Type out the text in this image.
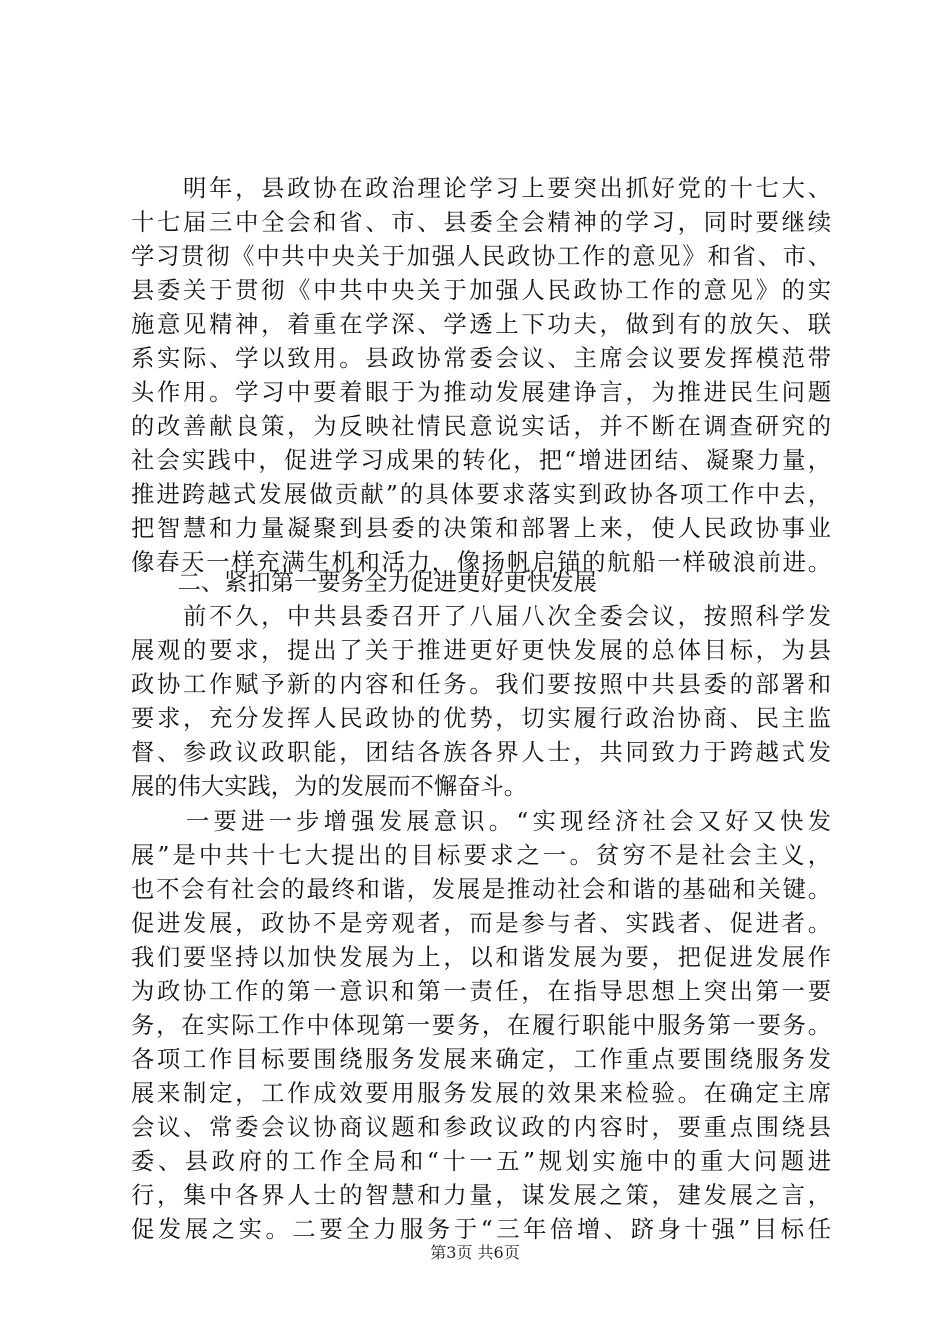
　　明年，县政协在政治理论学习上要突出抓好党的十七大、
十七届三中全会和省、市、县委全会精神的学习，同时要继续
学习贯彻《中共中央关于加强人民政协工作的意见》和省、市、
县委关于贯彻《中共中央关于加强人民政协工作的意见》的实
施意见精神，着重在学深、学透上下功夫，做到有的放矢、联
系实际、学以致用。县政协常委会议、主席会议要发挥模范带
头作用。学习中要着眼于为推动发展建诤言，为推进民生问题
的改善献良策，为反映社情民意说实话，并不断在调查研究的
社会实践中，促进学习成果的转化，把“增进团结、凝聚力量，
推进跨越式发展做贡献”的具体要求落实到政协各项工作中去，
把智慧和力量凝聚到县委的决策和部署上来，使人民政协事业
像春天一样充满生机和活力，像扬帆启锚的航船一样破浪前进。
　　二、紧扣第一要务全力促进更好更快发展
　　前不久，中共县委召开了八届八次全委会议，按照科学发
展观的要求，提出了关于推进更好更快发展的总体目标，为县
政协工作赋予新的内容和任务。我们要按照中共县委的部署和
要求，充分发挥人民政协的优势，切实履行政治协商、民主监
督、参政议政职能，团结各族各界人士，共同致力于跨越式发
展的伟大实践，为的发展而不懈奋斗。
　　一要进一步增强发展意识。“实现经济社会又好又快发
展”是中共十七大提出的目标要求之一。贫穷不是社会主义，
也不会有社会的最终和谐，发展是推动社会和谐的基础和关键。
促进发展，政协不是旁观者，而是参与者、实践者、促进者。
我们要坚持以加快发展为上，以和谐发展为要，把促进发展作
为政协工作的第一意识和第一责任，在指导思想上突出第一要
务，在实际工作中体现第一要务，在履行职能中服务第一要务。
各项工作目标要围绕服务发展来确定，工作重点要围绕服务发
展来制定，工作成效要用服务发展的效果来检验。在确定主席
会议、常委会议协商议题和参政议政的内容时，要重点围绕县
委、县政府的工作全局和“十一五”规划实施中的重大问题进
行，集中各界人士的智慧和力量，谋发展之策，建发展之言，
促发展之实。二要全力服务于“三年倍增、跻身十强”目标任
第3页 共6页
